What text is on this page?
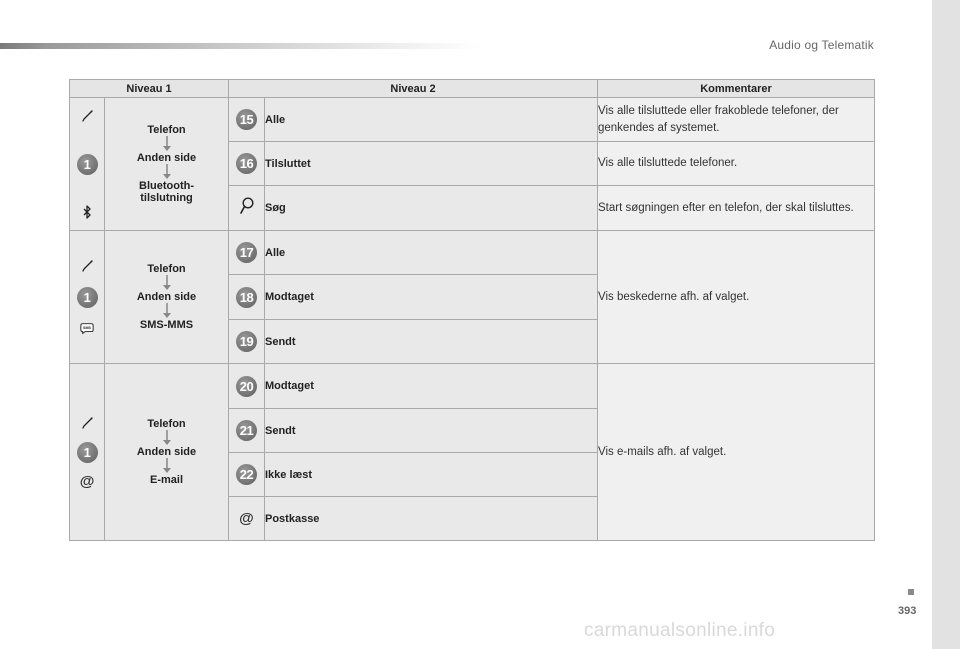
Audio og Telematik
393
carmanualsonline.info
Niveau 1		Niveau 2		Kommentarer

1	Telefon
Anden side
Bluetooth-
tilslutning	15	Alle	Vis alle tilsluttede eller frakoblede telefoner, der genkendes af systemet.
		16	Tilsluttet	Vis alle tilsluttede telefoner.
	Søg	Start søgningen efter en telefon, der skal tilsluttes.

1
SMS	Telefon
Anden side
SMS-MMS	17	Alle	Vis beskederne afh. af valget.
		18	Modtaget	
		19	Sendt	

1
@	Telefon
Anden side
E-mail	20	Modtaget	Vis e-mails afh. af valget.
		21	Sendt	
		22	Ikke læst	
		@	Postkasse	
